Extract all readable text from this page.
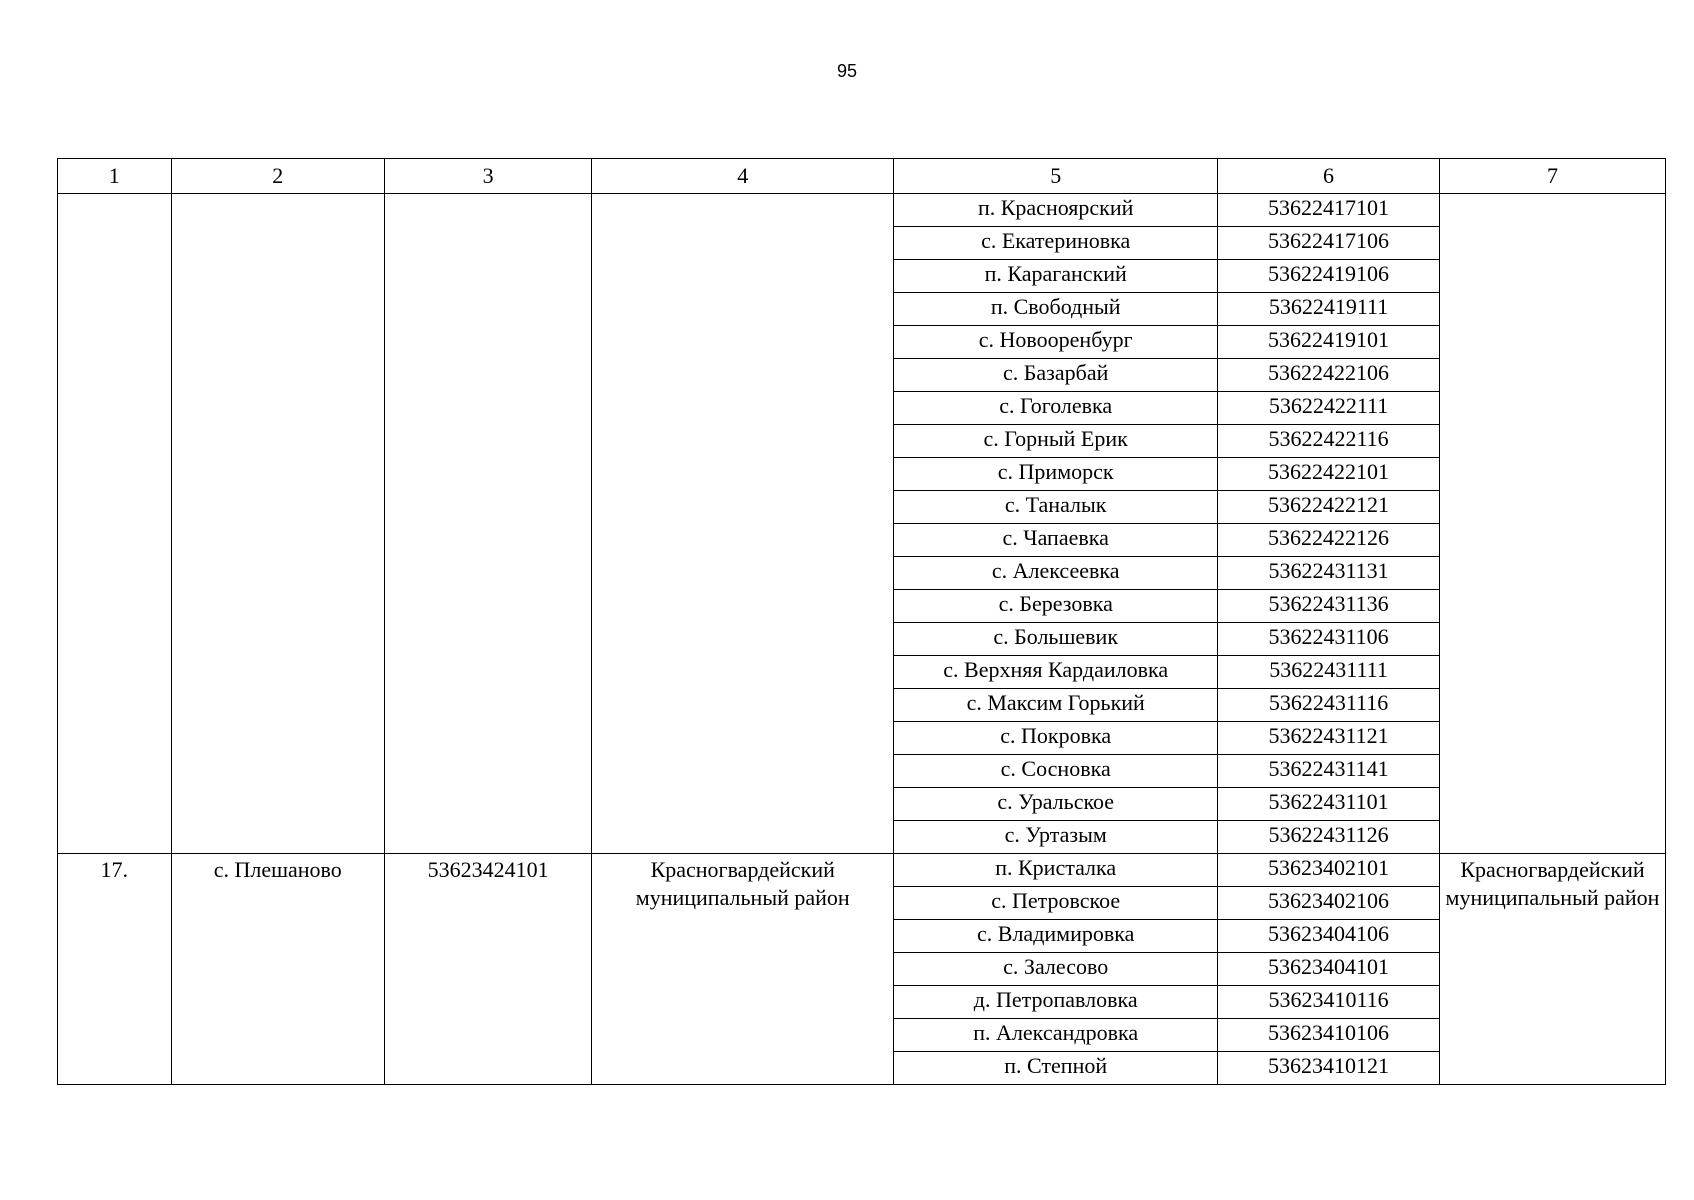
95
1	2	3	4	5	6	7
				п. Красноярский	53622417101	
				с. Екатериновка	53622417106	
				п. Караганский	53622419106	
				п. Свободный	53622419111	
				с. Новооренбург	53622419101	
				с. Базарбай	53622422106	
				с. Гоголевка	53622422111	
				с. Горный Ерик	53622422116	
				с. Приморск	53622422101	
				с. Таналык	53622422121	
				с. Чапаевка	53622422126	
				с. Алексеевка	53622431131	
				с. Березовка	53622431136	
				с. Большевик	53622431106	
				с. Верхняя Кардаиловка	53622431111	
				с. Максим Горький	53622431116	
				с. Покровка	53622431121	
				с. Сосновка	53622431141	
				с. Уральское	53622431101	
				с. Уртазым	53622431126	
17.	с. Плешаново	53623424101	Красногвардейский муниципальный район	п. Кристалка	53623402101	Красногвардейский муниципальный район
				с. Петровское	53623402106	
				с. Владимировка	53623404106	
				с. Залесово	53623404101	
				д. Петропавловка	53623410116	
				п. Александровка	53623410106	
				п. Степной	53623410121	
